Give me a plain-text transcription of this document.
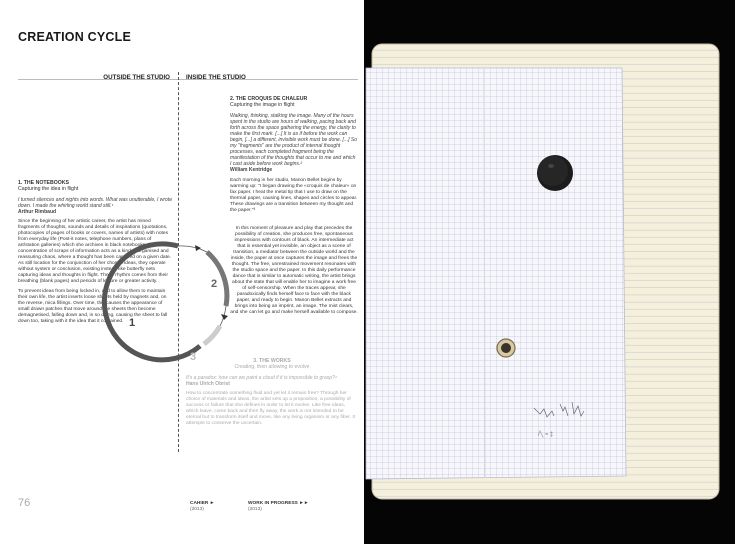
CREATION CYCLE
OUTSIDE THE STUDIO	INSIDE THE STUDIO
1. THE NOTEBOOKS
Capturing the idea in flight
I turned silences and nights into words. What was unutterable, I wrote down. I made the whirling world stand still.¹
Arthur Rimbaud
Since the beginning of her artistic career, the artist has mined fragments of thoughts, sounds and details of inspirations (quotations, photocopies of pages of books or covers, names of artists) with notes from everyday life (Post-it notes, telephone numbers, plans of art/station galleries) which she archives in black notebooks. This concentration of scraps of information acts as a kind of organised and reassuring chaos, where a thought has been captured on a given date. As still location for the conjunction of her chosen ideas, they operate without system or conclusion, existing instead like butterfly nets capturing ideas and thoughts in flight. These rhythm comes from their breathing (blank pages) and periods of leisure or greater activity.
To prevent ideas from being locked in, and to allow them to maintain their own life, the artist inserts loose sheets held by magnets and, on the reverse, mica fillings. Over time, this causes the appearance of small drawn patches that move around the sheets then become demagnetised, falling down and, in so doing, causing the sheet to fall down too, taking with it the idea that it contained.
2. THE CROQUIS DE CHALEUR
Capturing the image in flight
Walking, thinking, stalking the image. Many of the hours spent in the studio are hours of walking, pacing back and forth across the space gathering the energy, the clarity to make the first mark. [...] It is as if before the work can begin, [...] a different, invisible work must be done. [...] So my "fragments" are the product of internal thought processes, each completed fragment being the manifestation of the thoughts that occur to me and which I cast aside before work begins.²
William Kentridge
Each morning in her studio, Manon Bellet begins by warming up: "I began drawing the «croquis de chaleur» on fax paper. I heat the metal tip that I use to draw on the thermal paper, causing lines, shapes and circles to appear. These drawings are a transition between my thought and the paper."³
In this moment of pleasure and play that precedes the possibility of creation, she produces free, spontaneous impressions with contours of black. An intermediate act that is essential yet invisible, an object as a scene of transition, a mediator between the outside world and the inside, the paper at once captures the image and frees the thought. The free, unrestrained movement resonates with the studio space and the paper. In this daily performance dance that is similar to automatic writing, the artist brings about the state that will enable her to imagine a work free of self-censorship. When the traces appear, she paradoxically finds herself face to face with the black paper, and ready to begin. Manon Bellet extracts and brings into being an imprint, an image. The mist clears, and she can let go and make herself available to compose.
1
2
3	3. THE WORKS
Creating, then allowing to evolve
It's a paradox: how can we paint a cloud if it is impossible to grasp?⁴
Hans Ulrich Obrist
How to concentrate something fluid and yet let it remain free? Through her choice of materials and ideas, the artist sets up a proposition, a possibility of success or failure that she defines in order to let it evolve. Like free ideas, which leave, come back and then fly away, the work is not intended to be eternal but to transform itself and move, like any living organism or any fiber. It attempts to conserve the uncertain.
76	CAHIER ►
(2013)
WORK IN PROGRESS ►►
(2013)
/╲ ≈ ‡
